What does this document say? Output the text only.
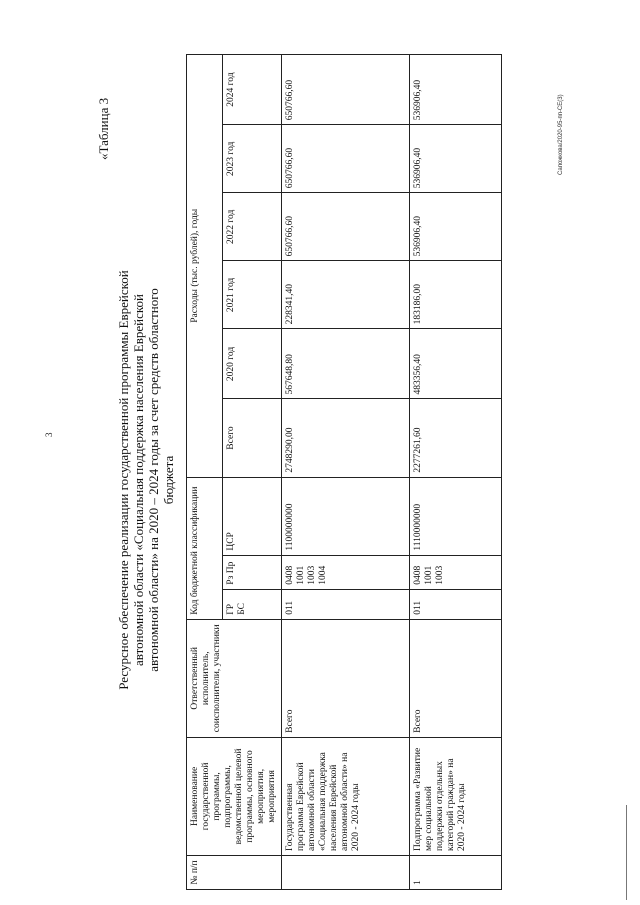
3
Сапожкова/2020-95-пп-СЕ(3)
«Таблица 3
Ресурсное обеспечение реализации государственной программы Еврейской автономной области «Социальная поддержка населения Еврейской автономной области» на 2020 – 2024 годы за счет средств областного бюджета
№ п/п	Наименование государственной программы, подпрограммы, ведомственной целевой программы, основного мероприятия, мероприятия	Ответственный исполнитель, соисполнители, участники	Код бюджетной классификации			Расходы (тыс. рублей), годы					
			ГР БС	Рз Пр	ЦСР	Всего	2020 год	2021 год	2022 год	2023 год	2024 год
	Государственная программа Еврейской автономной области «Социальная поддержка населения Еврейской автономной области» на 2020 - 2024 годы	Всего	011	0408 1001 1003 1004	1100000000	2748290,00	567648,80	228341,40	650766,60	650766,60	650766,60
1	Подпрограмма «Развитие мер социальной поддержки отдельных категорий граждан» на 2020 - 2024 годы	Всего	011	0408 1001 1003	1110000000	2277261,60	483356,40	183186,00	536906,40	536906,40	536906,40
